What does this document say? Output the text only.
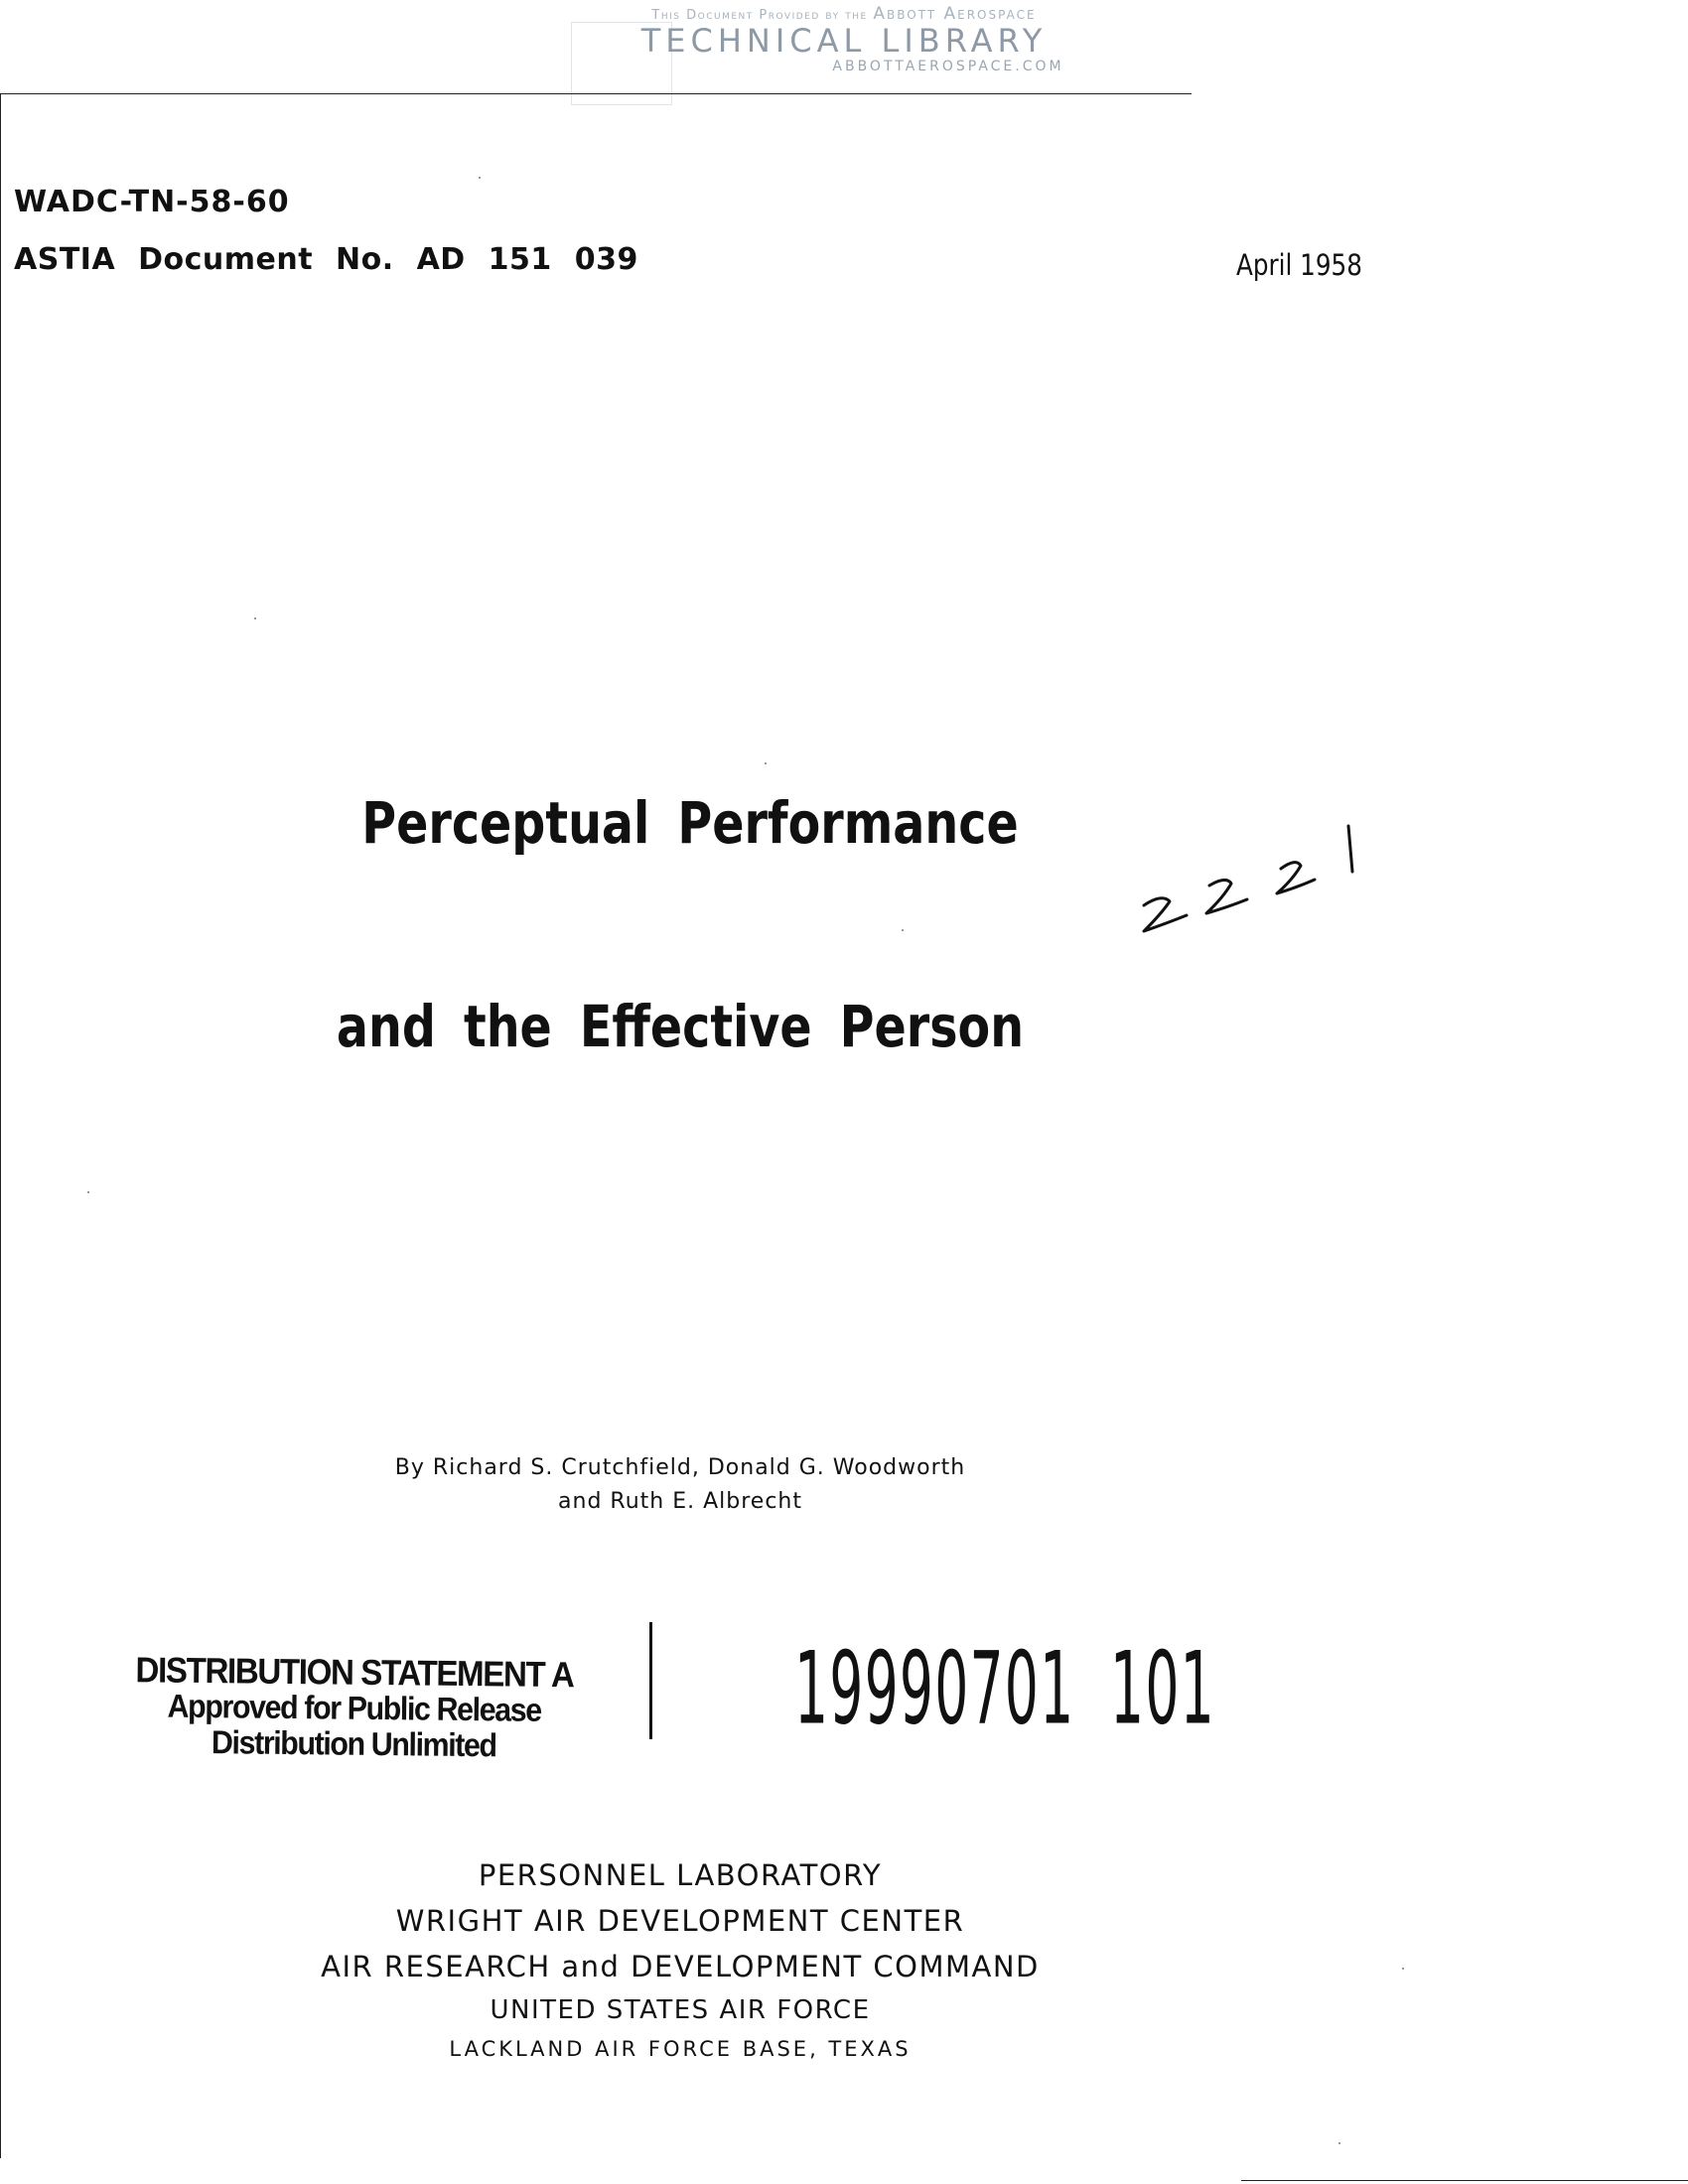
This Document Provided by the Abbott Aerospace
TECHNICAL LIBRARY
ABBOTTAEROSPACE.COM
WADC-TN-58-60
ASTIA Document No. AD 151 039	April 1958
Perceptual Performance
and the Effective Person
By Richard S. Crutchfield, Donald G. Woodworth
and Ruth E. Albrecht
DISTRIBUTION STATEMENT A
Approved for Public Release
Distribution Unlimited	19990701 101
PERSONNEL LABORATORY
WRIGHT AIR DEVELOPMENT CENTER
AIR RESEARCH and DEVELOPMENT COMMAND
UNITED STATES AIR FORCE
LACKLAND AIR FORCE BASE, TEXAS
